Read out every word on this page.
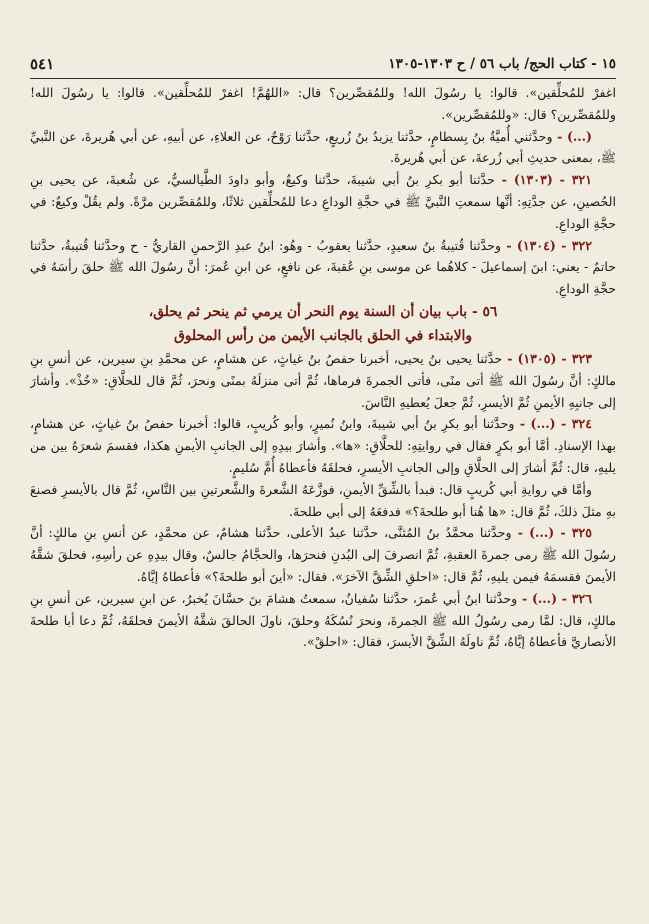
١٥ - كتاب الحج/ باب ٥٦ / ح ١٣٠٣-١٣٠٥
٥٤١

اغفرْ للمُحلِّقين». قالوا: يا رسُولَ الله! وللمُقصِّرين؟ قال: «اللهُمَّ! اغفرْ للمُحلِّقين». قالوا: يا رسُولَ الله! وللمُقصِّرين؟ قال: «وللمُقصِّرين».

(...) - وحدَّثني أُميَّةُ بنُ بِسطامٍ، حدَّثنا يزيدُ بنُ زُريعٍ، حدَّثنا رَوْحٌ، عن العلاءِ، عن أبيهِ، عن أبي هُريرةَ، عن النَّبيِّ ﷺ، بمعنى حديثِ أبي زُرعةَ، عن أبي هُريرةَ.

٣٢١ - (١٣٠٣) - حدَّثنا أبو بكرِ بنُ أبي شيبةَ، حدَّثنا وكيعٌ، وأبو داودَ الطَّيالسيُّ، عن شُعبةَ، عن يحيى بنِ الحُصينِ، عن جدَّتِهِ: أنَّها سمعتِ النَّبيَّ ﷺ في حجَّةِ الوداعِ دعا للمُحلِّقين ثلاثًا، وللمُقصِّرين مرَّةً. ولم يقُلْ وكيعٌ: في حجَّةِ الوداعِ.

٣٢٢ - (١٣٠٤) - وحدَّثنا قُتيبةُ بنُ سعيدٍ، حدَّثنا يعقوبُ - وهُو: ابنُ عبدِ الرَّحمنِ القاريُّ - ح وحدَّثنا قُتيبةُ، حدَّثنا حاتمٌ - يعني: ابنَ إسماعيلَ - كلاهُما عن موسى بنِ عُقبةَ، عن نافعٍ، عن ابنِ عُمرَ: أنَّ رسُولَ الله ﷺ حلقَ رأسَهُ في حجَّةِ الوداعِ.

٥٦ - باب بيان أن السنة يوم النحر أن يرمي ثم ينحر ثم يحلق،
والابتداء في الحلق بالجانب الأيمن من رأس المحلوق

٣٢٣ - (١٣٠٥) - حدَّثنا يحيى بنُ يحيى، أخبرنا حفصُ بنُ غياثٍ، عن هشامٍ، عن محمَّدِ بنِ سيرين، عن أنسِ بنِ مالكٍ: أنَّ رسُولَ الله ﷺ أتى منًى، فأتى الجمرةَ فرماها، ثُمَّ أتى منزلَهُ بمنًى ونحرَ، ثُمَّ قال للحلَّاقِ: «خُذْ». وأشارَ إلى جانبِهِ الأيمنِ ثُمَّ الأيسرِ، ثُمَّ جعلَ يُعطيهِ النَّاسَ.

٣٢٤ - (...) - وحدَّثنا أبو بكرِ بنُ أبي شيبةَ، وابنُ نُميرٍ، وأبو كُريبٍ، قالوا: أخبرنا حفصُ بنُ غياثٍ، عن هشامٍ، بهذا الإسنادِ. أمَّا أبو بكرٍ فقال في روايتِهِ: للحلَّاقِ: «ها». وأشارَ بيدِهِ إلى الجانبِ الأيمنِ هكذا، فقسمَ شعرَهُ بين من يليهِ، قال: ثُمَّ أشارَ إلى الحلَّاقِ وإلى الجانبِ الأيسرِ، فحلقَهُ فأعطاهُ أُمَّ سُليمٍ.

وأمَّا في روايةِ أبي كُريبٍ قال: فبدأ بالشِّقِّ الأيمنِ، فوزَّعَهُ الشَّعرةَ والشَّعرتينِ بين النَّاسِ، ثُمَّ قال بالأيسرِ فصنعَ بهِ مثلَ ذلكَ، ثُمَّ قال: «ها هُنا أبو طلحةَ؟» فدفعَهُ إلى أبي طلحةَ.

٣٢٥ - (...) - وحدَّثنا محمَّدُ بنُ المُثنَّى، حدَّثنا عبدُ الأعلى، حدَّثنا هشامٌ، عن محمَّدٍ، عن أنسِ بنِ مالكٍ: أنَّ رسُولَ الله ﷺ رمى جمرةَ العقبةِ، ثُمَّ انصرفَ إلى البُدنِ فنحرَها، والحجَّامُ جالسٌ، وقال بيدِهِ عن رأسِهِ، فحلقَ شقَّهُ الأيمنَ فقسمَهُ فيمن يليهِ، ثُمَّ قال: «احلقِ الشِّقَّ الآخرَ». فقال: «أينَ أبو طلحةَ؟» فأعطاهُ إيَّاهُ.

٣٢٦ - (...) - وحدَّثنا ابنُ أبي عُمرَ، حدَّثنا سُفيانُ، سمعتُ هشامَ بنَ حسَّانَ يُخبرُ، عن ابنِ سيرين، عن أنسِ بنِ مالكٍ، قال: لمَّا رمى رسُولُ الله ﷺ الجمرةَ، ونحرَ نُسُكَهُ وحلقَ، ناولَ الحالقَ شقَّهُ الأيمنَ فحلقَهُ، ثُمَّ دعا أبا طلحةَ الأنصاريَّ فأعطاهُ إيَّاهُ، ثُمَّ ناولَهُ الشِّقَّ الأيسرَ، فقال: «احلقْ».
